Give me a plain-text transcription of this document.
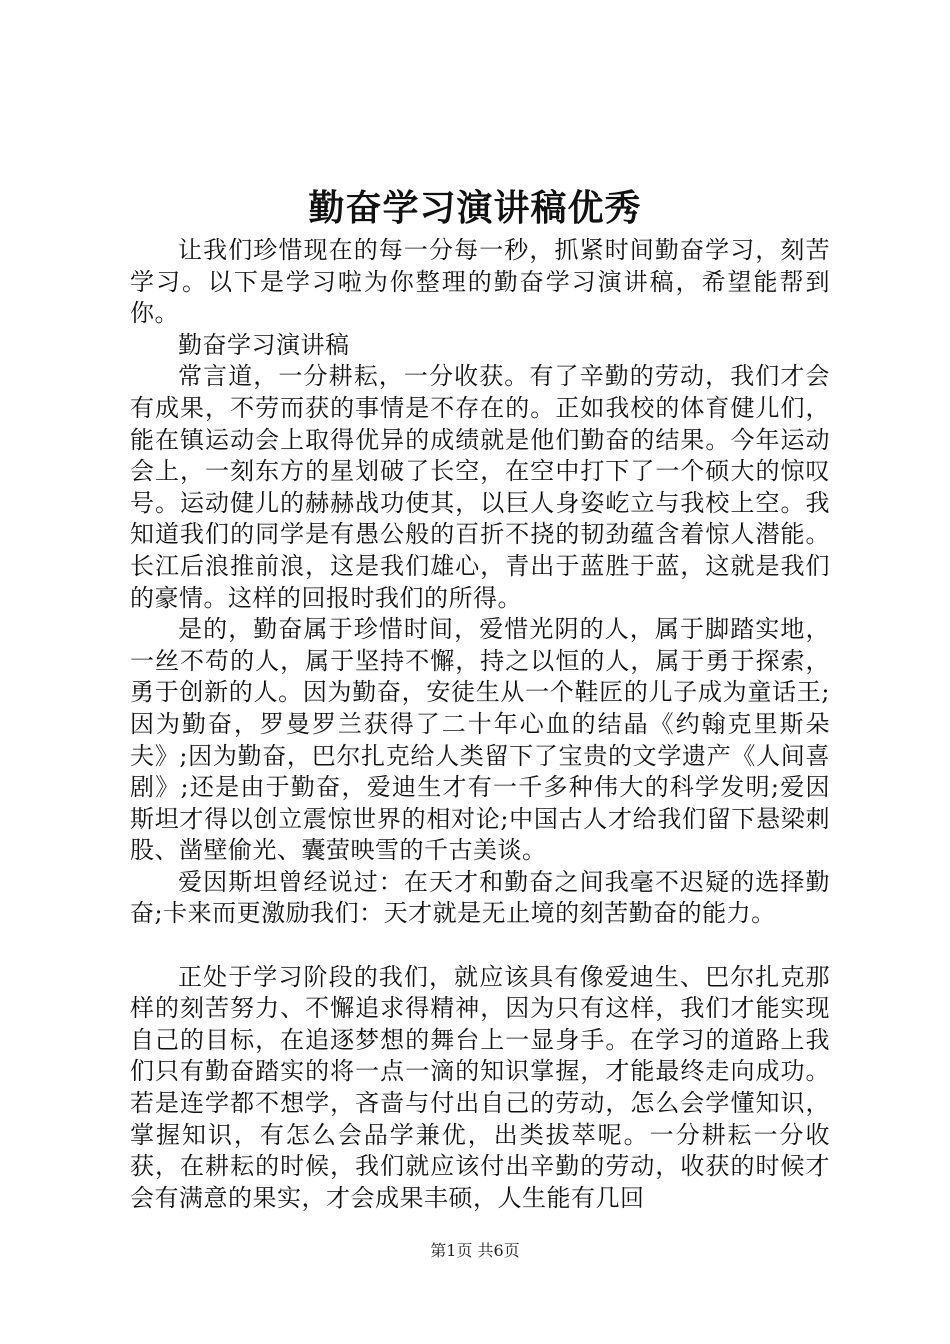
勤奋学习演讲稿优秀

让我们珍惜现在的每一分每一秒，抓紧时间勤奋学习，刻苦学习。以下是学习啦为你整理的勤奋学习演讲稿，希望能帮到你。

勤奋学习演讲稿

常言道，一分耕耘，一分收获。有了辛勤的劳动，我们才会有成果，不劳而获的事情是不存在的。正如我校的体育健儿们，能在镇运动会上取得优异的成绩就是他们勤奋的结果。今年运动会上，一刻东方的星划破了长空，在空中打下了一个硕大的惊叹号。运动健儿的赫赫战功使其，以巨人身姿屹立与我校上空。我知道我们的同学是有愚公般的百折不挠的韧劲蕴含着惊人潜能。长江后浪推前浪，这是我们雄心，青出于蓝胜于蓝，这就是我们的豪情。这样的回报时我们的所得。

是的，勤奋属于珍惜时间，爱惜光阴的人，属于脚踏实地，一丝不苟的人，属于坚持不懈，持之以恒的人，属于勇于探索，勇于创新的人。因为勤奋，安徒生从一个鞋匠的儿子成为童话王;因为勤奋，罗曼罗兰获得了二十年心血的结晶《约翰克里斯朵夫》;因为勤奋，巴尔扎克给人类留下了宝贵的文学遗产《人间喜剧》;还是由于勤奋，爱迪生才有一千多种伟大的科学发明;爱因斯坦才得以创立震惊世界的相对论;中国古人才给我们留下悬梁刺股、凿壁偷光、囊萤映雪的千古美谈。

爱因斯坦曾经说过：在天才和勤奋之间我毫不迟疑的选择勤奋;卡来而更激励我们：天才就是无止境的刻苦勤奋的能力。

正处于学习阶段的我们，就应该具有像爱迪生、巴尔扎克那样的刻苦努力、不懈追求得精神，因为只有这样，我们才能实现自己的目标，在追逐梦想的舞台上一显身手。在学习的道路上我们只有勤奋踏实的将一点一滴的知识掌握，才能最终走向成功。若是连学都不想学，吝啬与付出自己的劳动，怎么会学懂知识，掌握知识，有怎么会品学兼优，出类拔萃呢。一分耕耘一分收获，在耕耘的时候，我们就应该付出辛勤的劳动，收获的时候才会有满意的果实，才会成果丰硕，人生能有几回

第1页 共6页
